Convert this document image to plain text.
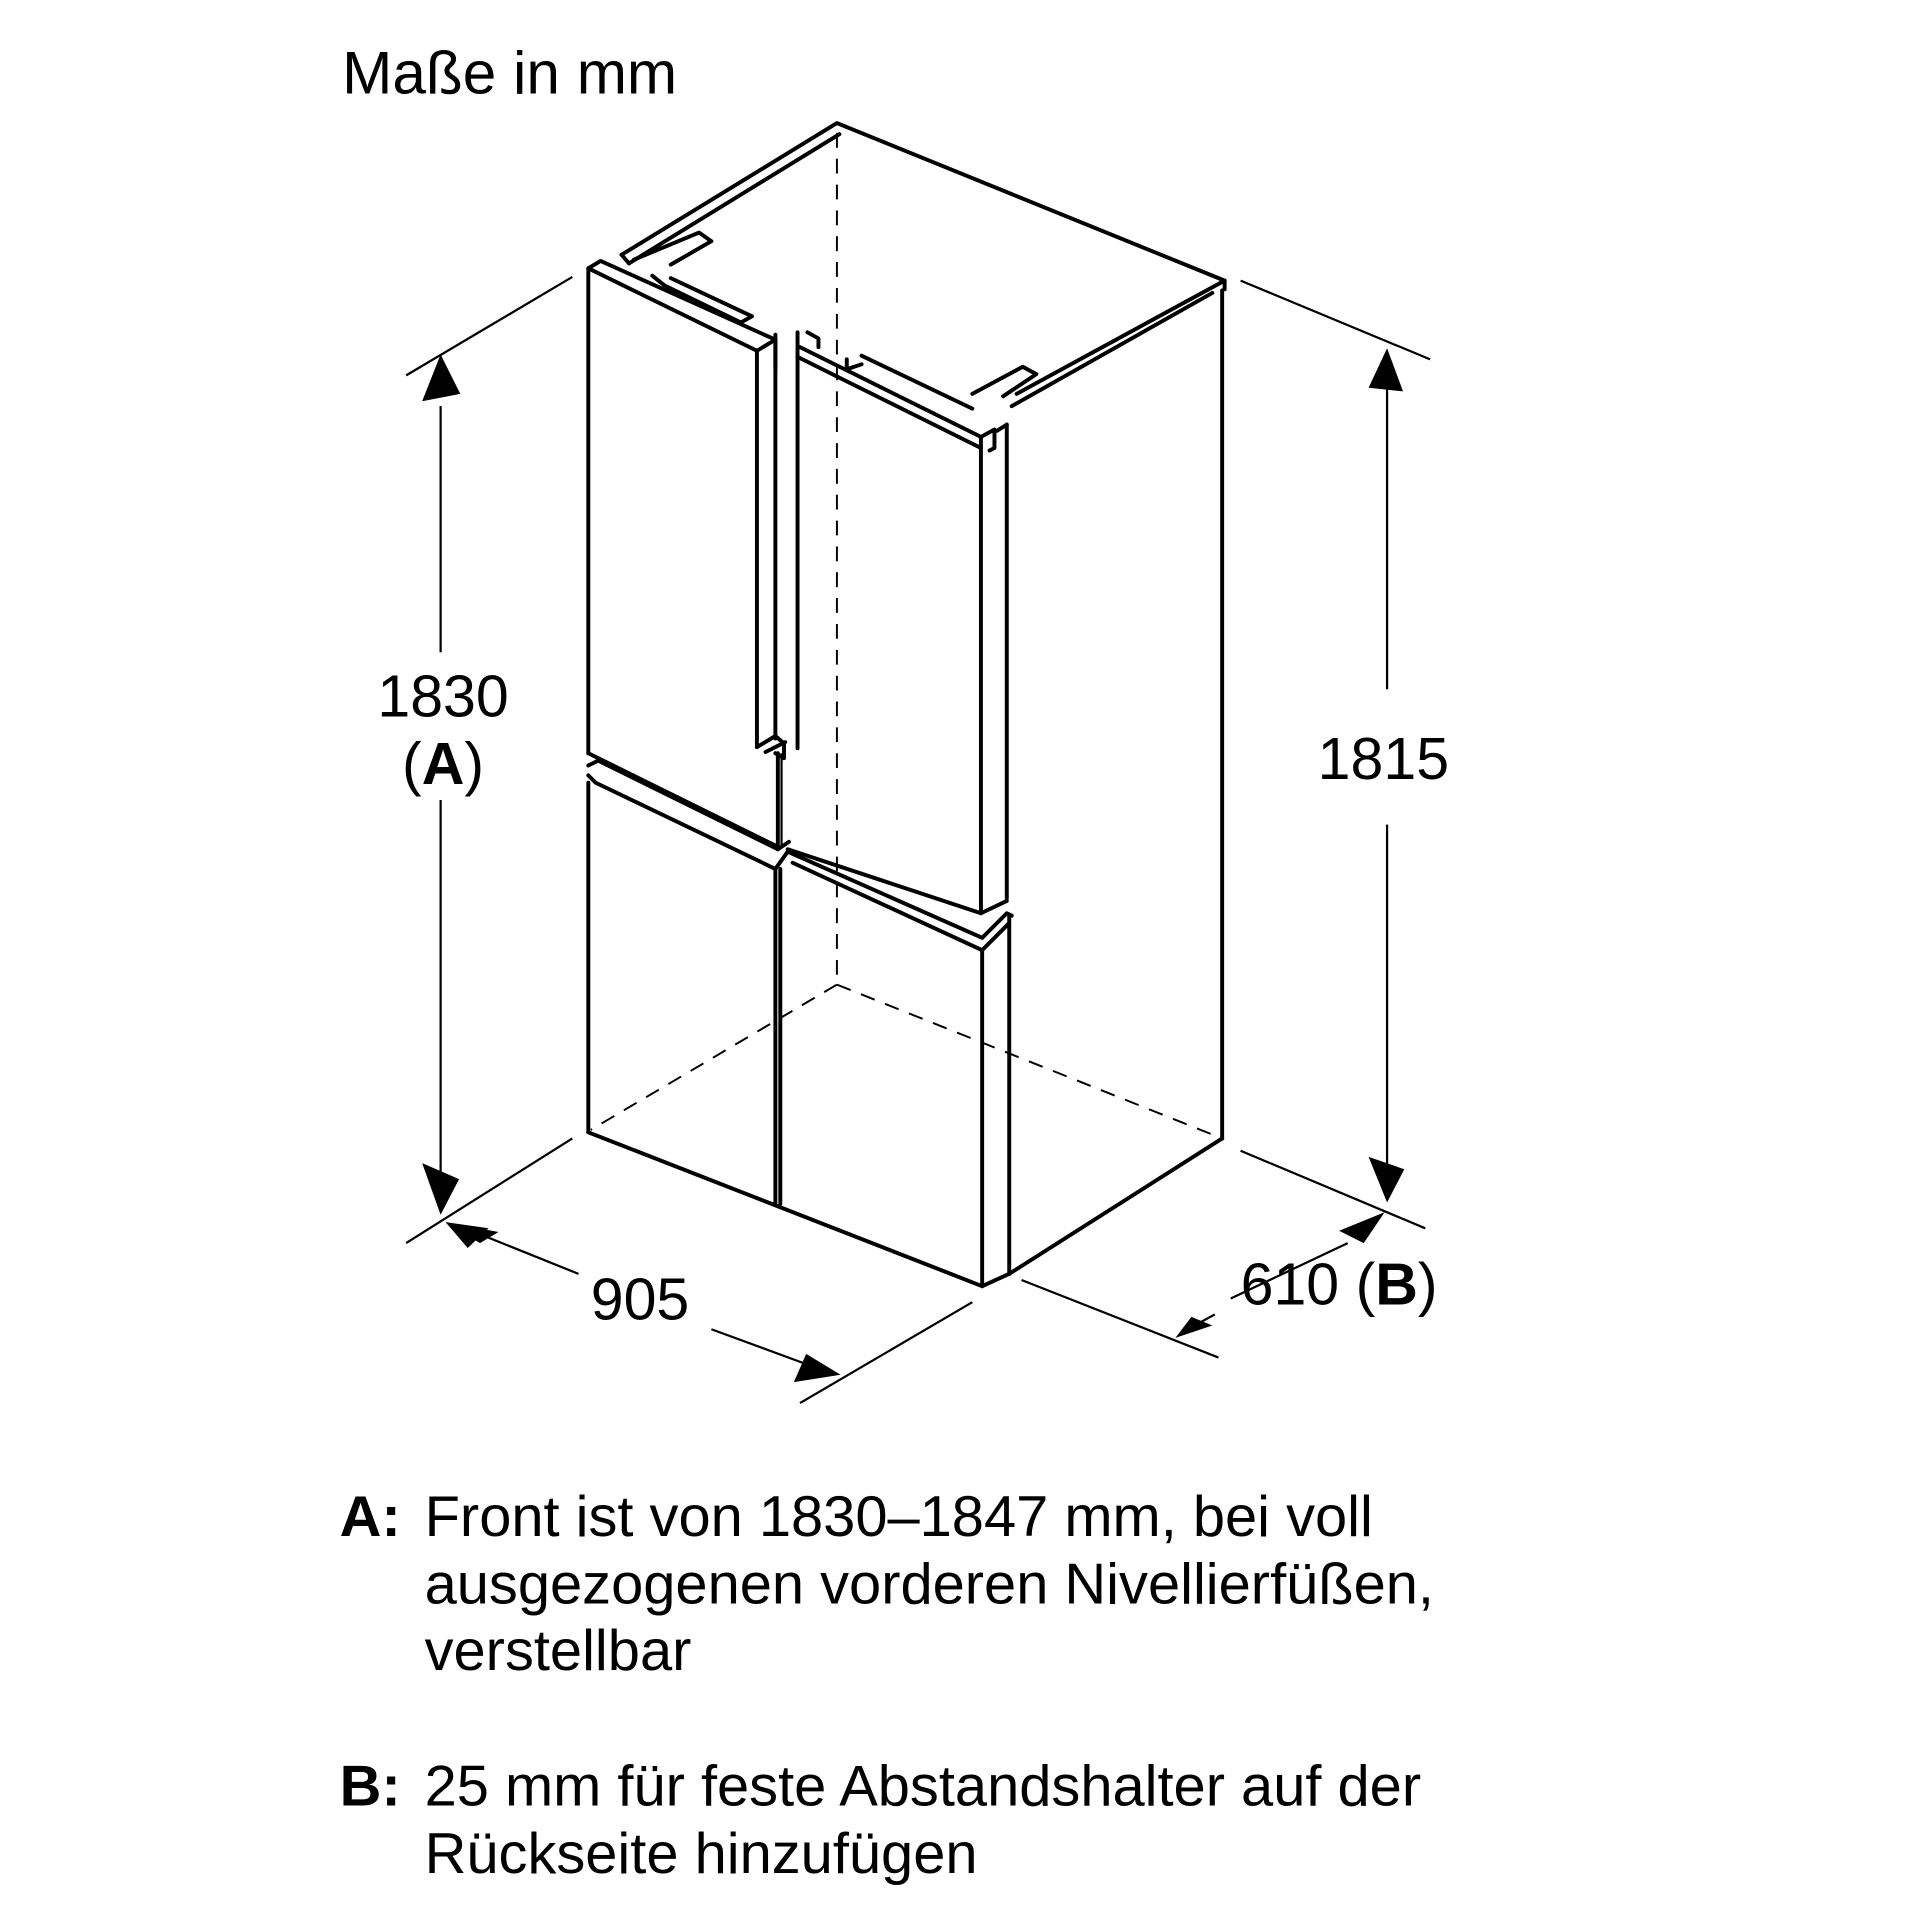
Maße in mm
1830
(A)	1815
905	610 (B)
A: Front ist von 1830–1847 mm, bei voll
ausgezogenen vorderen Nivellierfüßen,
verstellbar
B: 25 mm für feste Abstandshalter auf der
Rückseite hinzufügen
